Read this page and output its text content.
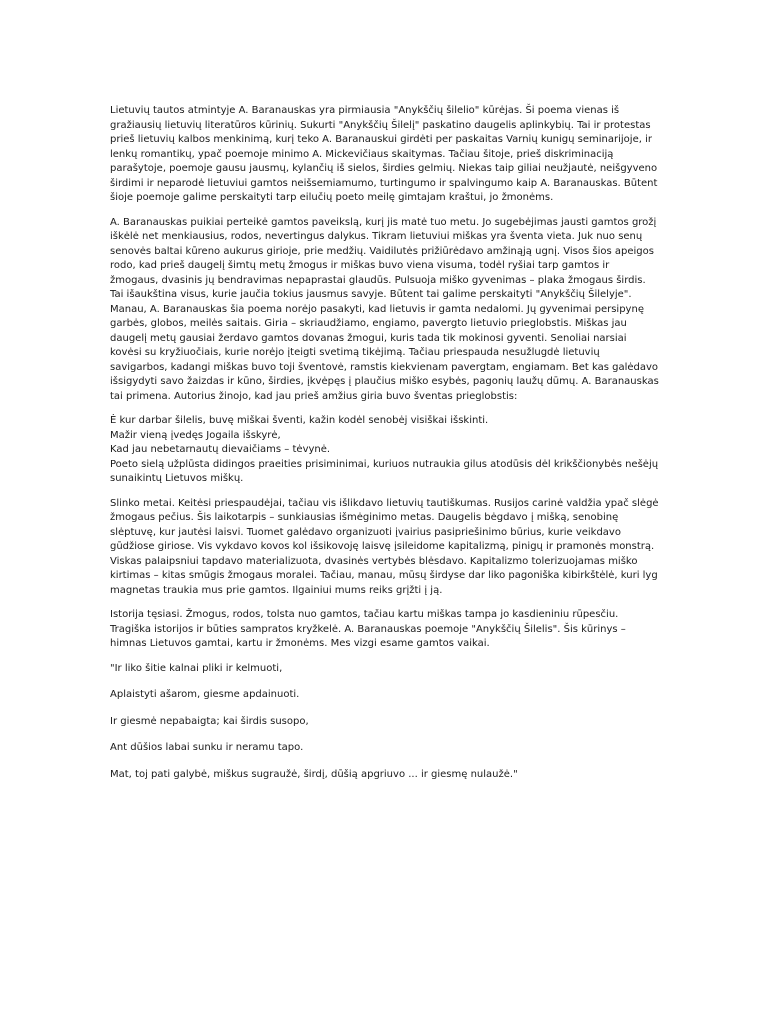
Lietuvių tautos atmintyje A. Baranauskas yra pirmiausia "Anykščių šilelio" kūrėjas. Ši poema vienas iš gražiausių lietuvių literatūros kūrinių. Sukurti "Anykščių Šilelį" paskatino daugelis aplinkybių. Tai ir protestas prieš lietuvių kalbos menkinimą, kurį teko A. Baranauskui girdėti per paskaitas Varnių kunigų seminarijoje, ir lenkų romantikų, ypač poemoje minimo A. Mickevičiaus skaitymas. Tačiau šitoje, prieš diskriminaciją parašytoje, poemoje gausu jausmų, kylančių iš sielos, širdies gelmių. Niekas taip giliai neužjautė, neišgyveno širdimi ir neparodė lietuviui gamtos neišsemiamumo, turtingumo ir spalvingumo kaip A. Baranauskas. Būtent šioje poemoje galime perskaityti tarp eilučių poeto meilę gimtajam kraštui, jo žmonėms.

A. Baranauskas puikiai perteikė gamtos paveikslą, kurį jis matė tuo metu. Jo sugebėjimas jausti gamtos grožį iškėlė net menkiausius, rodos, nevertingus dalykus. Tikram lietuviui miškas yra šventa vieta. Juk nuo senų senovės baltai kūreno aukurus girioje, prie medžių. Vaidilutės prižiūrėdavo amžinąją ugnį. Visos šios apeigos rodo, kad prieš daugelį šimtų metų žmogus ir miškas buvo viena visuma, todėl ryšiai tarp gamtos ir žmogaus, dvasinis jų bendravimas nepaprastai glaudūs. Pulsuoja miško gyvenimas – plaka žmogaus širdis. Tai išaukština visus, kurie jaučia tokius jausmus savyje. Būtent tai galime perskaityti "Anykščių Šilelyje". Manau, A. Baranauskas šia poema norėjo pasakyti, kad lietuvis ir gamta nedalomi. Jų gyvenimai persipynę garbės, globos, meilės saitais. Giria – skriaudžiamo, engiamo, pavergto lietuvio prieglobstis. Miškas jau daugelį metų gausiai žerdavo gamtos dovanas žmogui, kuris tada tik mokinosi gyventi. Senoliai narsiai kovėsi su kryžiuočiais, kurie norėjo įteigti svetimą tikėjimą. Tačiau priespauda nesužlugdė lietuvių savigarbos, kadangi miškas buvo toji šventovė, ramstis kiekvienam pavergtam, engiamam. Bet kas galėdavo išsigydyti savo žaizdas ir kūno, širdies, įkvėpęs į plaučius miško esybės, pagonių laužų dūmų. A. Baranauskas tai primena. Autorius žinojo, kad jau prieš amžius giria buvo šventas prieglobstis:

Ė kur darbar šilelis, buvę miškai šventi, kažin kodėl senobėj visiškai išskinti.
Mažir vieną įvedęs Jogaila išskyrė,
Kad jau nebetarnautų dievaičiams – tėvynė.
Poeto sielą užplūsta didingos praeities prisiminimai, kuriuos nutraukia gilus atodūsis dėl krikščionybės nešėjų sunaikintų Lietuvos miškų.

Slinko metai. Keitėsi priespaudėjai, tačiau vis išlikdavo lietuvių tautiškumas. Rusijos carinė valdžia ypač slėgė žmogaus pečius. Šis laikotarpis – sunkiausias išmėginimo metas. Daugelis bėgdavo į mišką, senobinę slėptuvę, kur jautėsi laisvi. Tuomet galėdavo organizuoti įvairius pasipriešinimo būrius, kurie veikdavo gūdžiose giriose. Vis vykdavo kovos kol išsikovoję laisvę įsileidome kapitalizmą, pinigų ir pramonės monstrą. Viskas palaipsniui tapdavo materializuota, dvasinės vertybės blėsdavo. Kapitalizmo tolerizuojamas miško kirtimas – kitas smūgis žmogaus moralei. Tačiau, manau, mūsų širdyse dar liko pagoniška kibirkštėlė, kuri lyg magnetas traukia mus prie gamtos. Ilgainiui mums reiks grįžti į ją.

Istorija tęsiasi. Žmogus, rodos, tolsta nuo gamtos, tačiau kartu miškas tampa jo kasdieniniu rūpesčiu. Tragiška istorijos ir būties sampratos kryžkelė. A. Baranauskas poemoje "Anykščių Šilelis". Šis kūrinys – himnas Lietuvos gamtai, kartu ir žmonėms. Mes vizgi esame gamtos vaikai.

"Ir liko šitie kalnai pliki ir kelmuoti,

Aplaistyti ašarom, giesme apdainuoti.

Ir giesmė nepabaigta; kai širdis susopo,

Ant dūšios labai sunku ir neramu tapo.

Mat, toj pati galybė, miškus sugraužė, širdį, dūšią apgriuvo ... ir giesmę nulaužė."
